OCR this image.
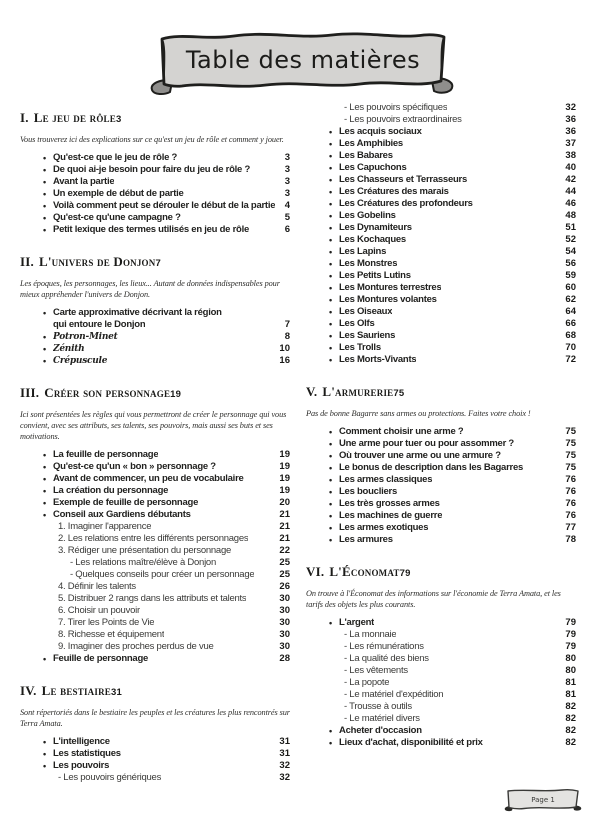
Table des matières
I. Le jeu de rôle 3

Vous trouverez ici des explications sur ce qu'est un jeu de rôle et comment y jouer.

• Qu'est-ce que le jeu de rôle ?	3
• De quoi ai-je besoin pour faire du jeu de rôle ?	3
• Avant la partie	3
• Un exemple de début de partie	3
• Voilà comment peut se dérouler le début de la partie 4
• Qu'est-ce qu'une campagne ?	5
• Petit lexique des termes utilisés en jeu de rôle	6
II. L'univers de Donjon 7

Les époques, les personnages, les lieux... Autant de données indispensables pour mieux appréhender l'univers de Donjon.

• Carte approximative décrivant la région
qui entoure le Donjon	7
• Potron-Minet	8
• Zénith	10
• Crépuscule	16
III. Créer son personnage 19

Ici sont présentées les règles qui vous permettront de créer le personnage qui vous convient, avec ses attributs, ses talents, ses pouvoirs, mais aussi ses buts et ses motivations.

• La feuille de personnage	19
• Qu'est-ce qu'un « bon » personnage ?	19
• Avant de commencer, un peu de vocabulaire	19
• La création du personnage	19
• Exemple de feuille de personnage	20
• Conseil aux Gardiens débutants	21
1. Imaginer l'apparence	21
2. Les relations entre les différents personnages	21
3. Rédiger une présentation du personnage	22
- Les relations maître/élève à Donjon	25
- Quelques conseils pour créer un personnage	25
4. Définir les talents	26
5. Distribuer 2 rangs dans les attributs et talents	30
6. Choisir un pouvoir	30
7. Tirer les Points de Vie	30
8. Richesse et équipement	30
9. Imaginer des proches perdus de vue	30
• Feuille de personnage	28
IV. Le bestiaire 31

Sont répertoriés dans le bestiaire les peuples et les créatures les plus rencontrés sur Terra Amata.

• L'intelligence	31
• Les statistiques	31
• Les pouvoirs	32
- Les pouvoirs génériques	32
- Les pouvoirs spécifiques	32
- Les pouvoirs extraordinaires	36
• Les acquis sociaux	36
• Les Amphibies	37
• Les Babares	38
• Les Capuchons	40
• Les Chasseurs et Terrasseurs	42
• Les Créatures des marais	44
• Les Créatures des profondeurs	46
• Les Gobelins	48
• Les Dynamiteurs	51
• Les Kochaques	52
• Les Lapins	54
• Les Monstres	56
• Les Petits Lutins	59
• Les Montures terrestres	60
• Les Montures volantes	62
• Les Oiseaux	64
• Les Olfs	66
• Les Sauriens	68
• Les Trolls	70
• Les Morts-Vivants	72
V. L'armurerie 75

Pas de bonne Bagarre sans armes ou protections. Faites votre choix !

• Comment choisir une arme ?	75
• Une arme pour tuer ou pour assommer ?	75
• Où trouver une arme ou une armure ?	75
• Le bonus de description dans les Bagarres	75
• Les armes classiques	76
• Les boucliers	76
• Les très grosses armes	76
• Les machines de guerre	76
• Les armes exotiques	77
• Les armures	78
VI. L'Économat 79

On trouve à l'Économat des informations sur l'économie de Terra Amata, et les tarifs des objets les plus courants.

• L'argent	79
- La monnaie	79
- Les rémunérations	79
- La qualité des biens	80
- Les vêtements	80
- La popote	81
- Le matériel d'expédition	81
- Trousse à outils	82
- Le matériel divers	82
• Acheter d'occasion	82
• Lieux d'achat, disponibilité et prix	82
Page 1
